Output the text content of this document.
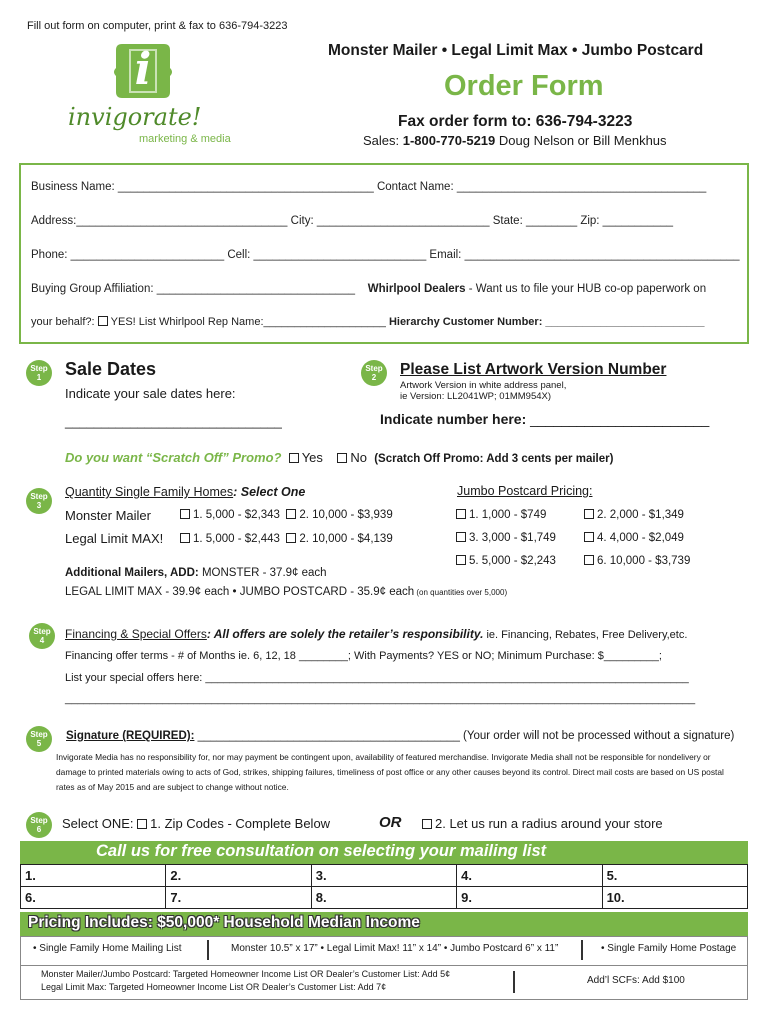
Fill out form on computer, print & fax to 636-794-3223
i
invigorate!
marketing & media
Monster Mailer • Legal Limit Max • Jumbo Postcard
Order Form
Fax order form to: 636-794-3223
Sales: 1-800-770-5219 Doug Nelson or Bill Menkhus
Business Name: ________________________________________ Contact Name: _______________________________________
Address:_________________________________ City: ___________________________ State: ________ Zip: ___________
Phone: ________________________ Cell: ___________________________ Email: ___________________________________________
Buying Group Affiliation: _______________________________ Whirlpool Dealers - Want us to file your HUB co-op paperwork on
your behalf?: YES! List Whirlpool Rep Name:____________________ Hierarchy Customer Number: __________________________
Step
1	Sale Dates
Indicate your sale dates here:
______________________________
Step
2	Please List Artwork Version Number
Artwork Version in white address panel,
ie Version: LL2041WP; 01MM954X)
Indicate number here: _______________________
Do you want “Scratch Off” Promo? Yes No (Scratch Off Promo: Add 3 cents per mailer)
Step
3
Quantity Single Family Homes: Select One
Monster Mailer	1. 5,000 - $2,343 2. 10,000 - $3,939
Legal Limit MAX!	1. 5,000 - $2,443 2. 10,000 - $4,139
Jumbo Postcard Pricing:
1. 1,000 - $749	2. 2,000 - $1,349
3. 3,000 - $1,749	4. 4,000 - $2,049
5. 5,000 - $2,243	6. 10,000 - $3,739
Additional Mailers, ADD: MONSTER - 37.9¢ each
LEGAL LIMIT MAX - 39.9¢ each • JUMBO POSTCARD - 35.9¢ each (on quantities over 5,000)
Step
4	Financing & Special Offers: All offers are solely the retailer’s responsibility. ie. Financing, Rebates, Free Delivery,etc.
Financing offer terms - # of Months ie. 6, 12, 18 ________; With Payments? YES or NO; Minimum Purchase: $_________;
List your special offers here: _______________________________________________________________________________
_______________________________________________________________________________________________________
Step
5
Signature (REQUIRED): _________________________________________ (Your order will not be processed without a signature)
Invigorate Media has no responsibility for, nor may payment be contingent upon, availability of featured merchandise. Invigorate Media shall not be responsible for nondelivery or
damage to printed materials owing to acts of God, strikes, shipping failures, timeliness of post office or any other causes beyond its control. Direct mail costs are based on US postal
rates as of May 2015 and are subject to change without notice.
Step
6	Select ONE: 1. Zip Codes - Complete Below	OR	2. Let us run a radius around your store
Call us for free consultation on selecting your mailing list
1.	2.	3.	4.	5.
6.	7.	8.	9.	10.
Pricing Includes: $50,000* Household Median Income
• Single Family Home Mailing List	Monster 10.5” x 17” • Legal Limit Max! 11” x 14” • Jumbo Postcard 6” x 11”	• Single Family Home Postage
Monster Mailer/Jumbo Postcard: Targeted Homeowner Income List OR Dealer’s Customer List: Add 5¢
Legal Limit Max: Targeted Homeowner Income List OR Dealer’s Customer List: Add 7¢
Add’l SCFs: Add $100
